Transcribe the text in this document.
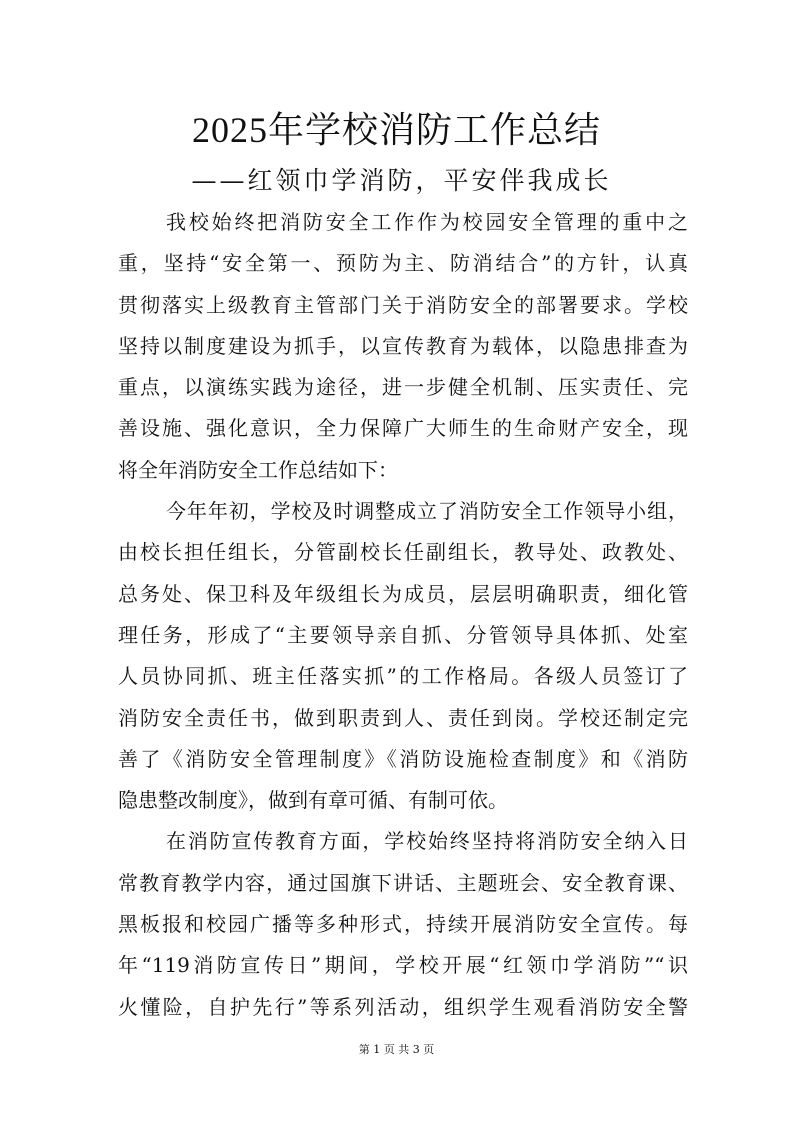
2025年学校消防工作总结
——红领巾学消防，平安伴我成长
我校始终把消防安全工作作为校园安全管理的重中之
重，坚持“安全第一、预防为主、防消结合”的方针，认真
贯彻落实上级教育主管部门关于消防安全的部署要求。学校
坚持以制度建设为抓手，以宣传教育为载体，以隐患排查为
重点，以演练实践为途径，进一步健全机制、压实责任、完
善设施、强化意识，全力保障广大师生的生命财产安全，现
将全年消防安全工作总结如下：
今年年初，学校及时调整成立了消防安全工作领导小组，
由校长担任组长，分管副校长任副组长，教导处、政教处、
总务处、保卫科及年级组长为成员，层层明确职责，细化管
理任务，形成了“主要领导亲自抓、分管领导具体抓、处室
人员协同抓、班主任落实抓”的工作格局。各级人员签订了
消防安全责任书，做到职责到人、责任到岗。学校还制定完
善了《消防安全管理制度》《消防设施检查制度》和《消防
隐患整改制度》，做到有章可循、有制可依。
在消防宣传教育方面，学校始终坚持将消防安全纳入日
常教育教学内容，通过国旗下讲话、主题班会、安全教育课、
黑板报和校园广播等多种形式，持续开展消防安全宣传。每
年“119消防宣传日”期间，学校开展“红领巾学消防”“识
火懂险，自护先行”等系列活动，组织学生观看消防安全警
第 1 页 共 3 页
